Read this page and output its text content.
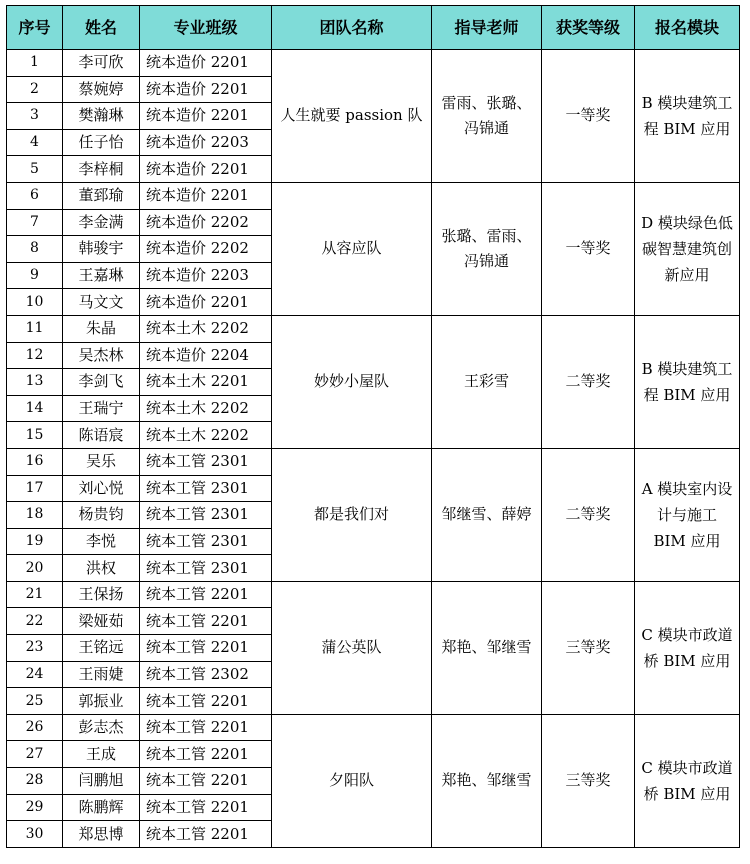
序号	姓名	专业班级	团队名称	指导老师	获奖等级	报名模块
1	李可欣	统本造价 2201	人生就要 passion 队	雷雨、张璐、冯锦通	一等奖	B 模块建筑工程 BIM 应用
2	蔡婉婷	统本造价 2201				
3	樊瀚琳	统本造价 2201				
4	任子怡	统本造价 2203				
5	李梓桐	统本造价 2201				
6	董郅瑜	统本造价 2201	从容应队	张璐、雷雨、冯锦通	一等奖	D 模块绿色低碳智慧建筑创新应用
7	李金满	统本造价 2202				
8	韩骏宇	统本造价 2202				
9	王嘉琳	统本造价 2203				
10	马文文	统本造价 2201				
11	朱晶	统本土木 2202	妙妙小屋队	王彩雪	二等奖	B 模块建筑工程 BIM 应用
12	吴杰林	统本造价 2204				
13	李剑飞	统本土木 2201				
14	王瑞宁	统本土木 2202				
15	陈语宸	统本土木 2202				
16	吴乐	统本工管 2301	都是我们对	邹继雪、薛婷	二等奖	A 模块室内设计与施工 BIM 应用
17	刘心悦	统本工管 2301				
18	杨贵钧	统本工管 2301				
19	李悦	统本工管 2301				
20	洪权	统本工管 2301				
21	王保扬	统本工管 2201	蒲公英队	郑艳、邹继雪	三等奖	C 模块市政道桥 BIM 应用
22	梁娅茹	统本工管 2201				
23	王铭远	统本工管 2201				
24	王雨婕	统本工管 2302				
25	郭振业	统本工管 2201				
26	彭志杰	统本工管 2201	夕阳队	郑艳、邹继雪	三等奖	C 模块市政道桥 BIM 应用
27	王成	统本工管 2201				
28	闫鹏旭	统本工管 2201				
29	陈鹏辉	统本工管 2201				
30	郑思博	统本工管 2201				
